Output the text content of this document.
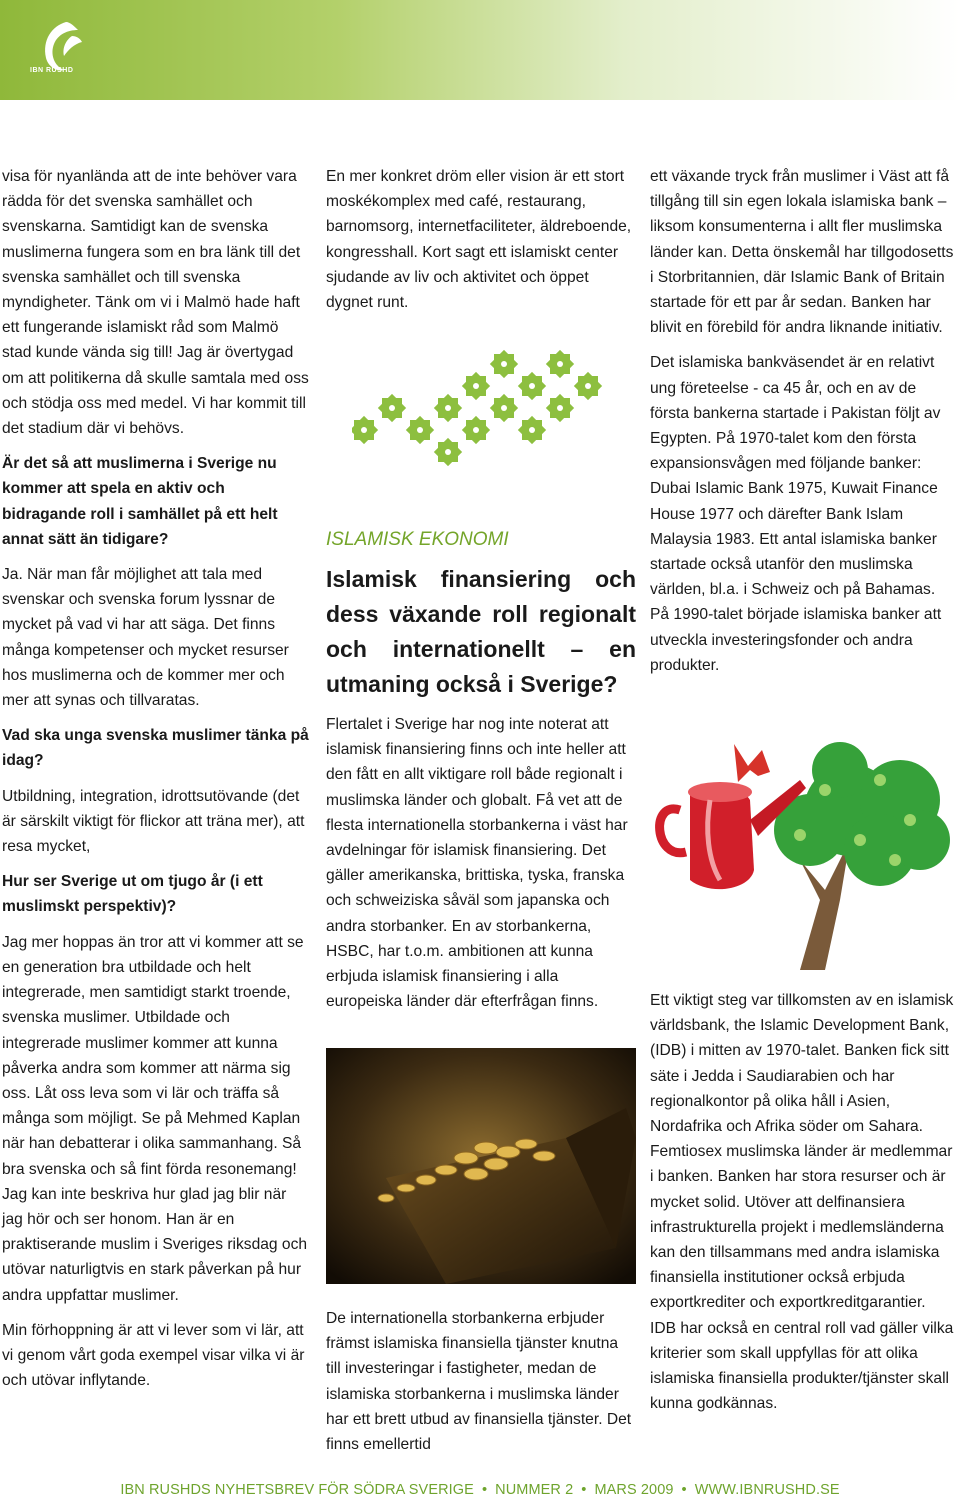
IBN RUSHD

visa för nyanlända att de inte behöver vara rädda för det svenska samhället och svenskarna. Samtidigt kan de svenska muslimerna fungera som en bra länk till det svenska samhället och till svenska myndigheter. Tänk om vi i Malmö hade haft ett fungerande islamiskt råd som Malmö stad kunde vända sig till! Jag är övertygad om att politikerna då skulle samtala med oss och stödja oss med medel. Vi har kommit till det stadium där vi behövs.

Är det så att muslimerna i Sverige nu kommer att spela en aktiv och bidragande roll i samhället på ett helt annat sätt än tidigare?

Ja. När man får möjlighet att tala med svenskar och svenska forum lyssnar de mycket på vad vi har att säga. Det finns många kompetenser och mycket resurser hos muslimerna och de kommer mer och mer att synas och tillvaratas.

Vad ska unga svenska muslimer tänka på idag?

Utbildning, integration, idrottsutövande (det är särskilt viktigt för flickor att träna mer), att resa mycket,

Hur ser Sverige ut om tjugo år (i ett muslimskt perspektiv)?

Jag mer hoppas än tror att vi kommer att se en generation bra utbildade och helt integrerade, men samtidigt starkt troende, svenska muslimer. Utbildade och integrerade muslimer kommer att kunna påverka andra som kommer att närma sig oss. Låt oss leva som vi lär och träffa så många som möjligt. Se på Mehmed Kaplan när han debatterar i olika sammanhang. Så bra svenska och så fint förda resonemang! Jag kan inte beskriva hur glad jag blir när jag hör och ser honom. Han är en praktiserande muslim i Sveriges riksdag och utövar naturligtvis en stark påverkan på hur andra uppfattar muslimer.

Min förhoppning är att vi lever som vi lär, att vi genom vårt goda exempel visar vilka vi är och utövar inflytande.

En mer konkret dröm eller vision är ett stort moskékomplex med café, restaurang, barnomsorg, internetfaciliteter, äldreboende, kongresshall. Kort sagt ett islamiskt center sjudande av liv och aktivitet och öppet dygnet runt.

ISLAMISK EKONOMI

Islamisk finansiering och dess växande roll regionalt och internationellt – en utmaning också i Sverige?

Flertalet i Sverige har nog inte noterat att islamisk finansiering finns och inte heller att den fått en allt viktigare roll både regionalt i muslimska länder och globalt. Få vet att de flesta internationella storbankerna i väst har avdelningar för islamisk finansiering. Det gäller amerikanska, brittiska, tyska, franska och schweiziska såväl som japanska och andra storbanker. En av storbankerna, HSBC, har t.o.m. ambitionen att kunna erbjuda islamisk finansiering i alla europeiska länder där efterfrågan finns.

De internationella storbankerna erbjuder främst islamiska finansiella tjänster knutna till investeringar i fastigheter, medan de islamiska storbankerna i muslimska länder har ett brett utbud av finansiella tjänster. Det finns emellertid

ett växande tryck från muslimer i Väst att få tillgång till sin egen lokala islamiska bank – liksom konsumenterna i allt fler muslimska länder kan. Detta önskemål har tillgodosetts i Storbritannien, där Islamic Bank of Britain startade för ett par år sedan. Banken har blivit en förebild för andra liknande initiativ.

Det islamiska bankväsendet är en relativt ung företeelse - ca 45 år, och en av de första bankerna startade i Pakistan följt av Egypten. På 1970-talet kom den första expansionsvågen med följande banker: Dubai Islamic Bank 1975, Kuwait Finance House 1977 och därefter Bank Islam Malaysia 1983. Ett antal islamiska banker startade också utanför den muslimska världen, bl.a. i Schweiz och på Bahamas. På 1990-talet började islamiska banker att utveckla investeringsfonder och andra produkter.

Ett viktigt steg var tillkomsten av en islamisk världsbank, the Islamic Development Bank, (IDB) i mitten av 1970-talet. Banken fick sitt säte i Jedda i Saudiarabien och har regionalkontor på olika håll i Asien, Nordafrika och Afrika söder om Sahara. Femtiosex muslimska länder är medlemmar i banken. Banken har stora resurser och är mycket solid. Utöver att delfinansiera infrastrukturella projekt i medlemsländerna kan den tillsammans med andra islamiska finansiella institutioner också erbjuda exportkrediter och exportkreditgarantier. IDB har också en central roll vad gäller vilka kriterier som skall uppfyllas för att olika islamiska finansiella produkter/tjänster skall kunna godkännas.

IBN RUSHDS NYHETSBREV FÖR SÖDRA SVERIGE • NUMMER 2 • MARS 2009 • WWW.IBNRUSHD.SE
